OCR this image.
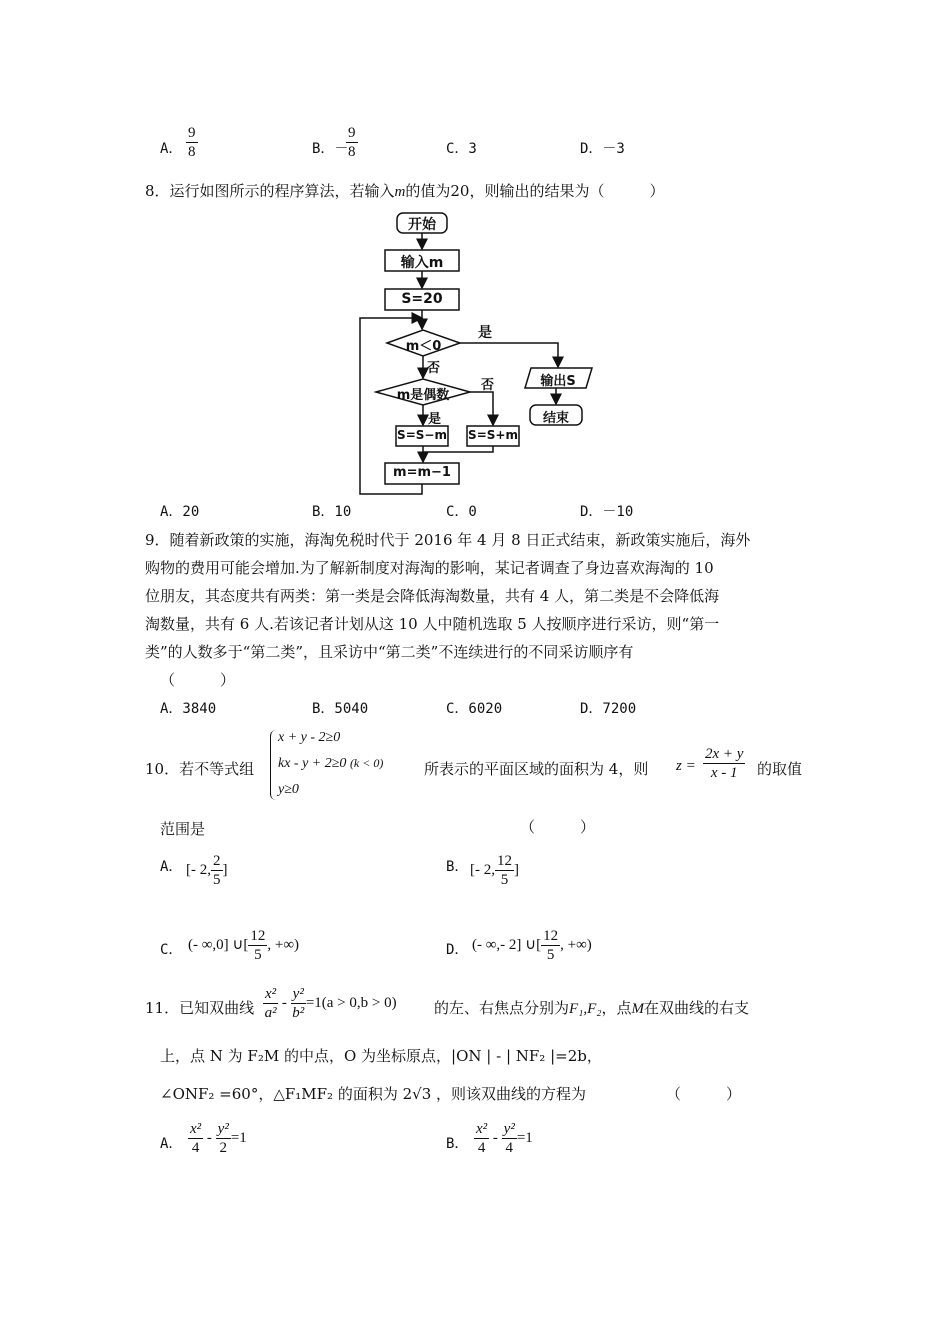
A． $\frac{9}{8}$	B．－
$\frac{9}{8}$	C．3	D．－3
8．运行如图所示的程序算法，若输入m的值为20，则输出的结果为（　　　）
开始
输入m
S=20
m＜0
是
否
m是偶数
是
否
S=S−m S=S+m
m=m−1
输出S
结束
A．20	B．10	C．0	D．－10
9．随着新政策的实施，海淘免税时代于 2016 年 4 月 8 日正式结束，新政策实施后，海外
购物的费用可能会增加.为了解新制度对海淘的影响，某记者调查了身边喜欢海淘的 10
位朋友，其态度共有两类：第一类是会降低海淘数量，共有 4 人，第二类是不会降低海
淘数量，共有 6 人.若该记者计划从这 10 人中随机选取 5 人按顺序进行采访，则“第一
类”的人数多于“第二类”，且采访中“第二类”不连续进行的不同采访顺序有
（　　　）
A．3840	B．5040	C．6020	D．7200
10．若不等式组
x + y - 2≥0
kx - y + 2≥0 (k < 0)
y≥0
所表示的平面区域的面积为 4，则 $z = \frac{2x + y}{x - 1}$ 的取值
范围是	（　　　）
A． [- 2, $\frac{2}{5}$ ]	B． [- 2, $\frac{12}{5}$ ]
C． (- ∞,0] ∪[ $\frac{12}{5}$ , +∞)	D． (- ∞,- 2] ∪[ $\frac{12}{5}$ , +∞)
11．已知双曲线 $\frac{\text{x²}}{\text{a²}} - \frac{\text{y²}}{\text{b²}} =1(a > 0,b > 0)$ 的左、右焦点分别为F₁,F₂，点M在双曲线的右支
上，点 N 为 F₂M 的中点，O 为坐标原点，|ON | - | NF₂ |=2b，
∠ONF₂ =60°，△F₁MF₂ 的面积为 2√3 ，则该双曲线的方程为	（　　　）
A． $\frac{\text{x²}}{4} - \frac{\text{y²}}{2} =1$	B． $\frac{\text{x²}}{4} - \frac{\text{y²}}{4} =1$
